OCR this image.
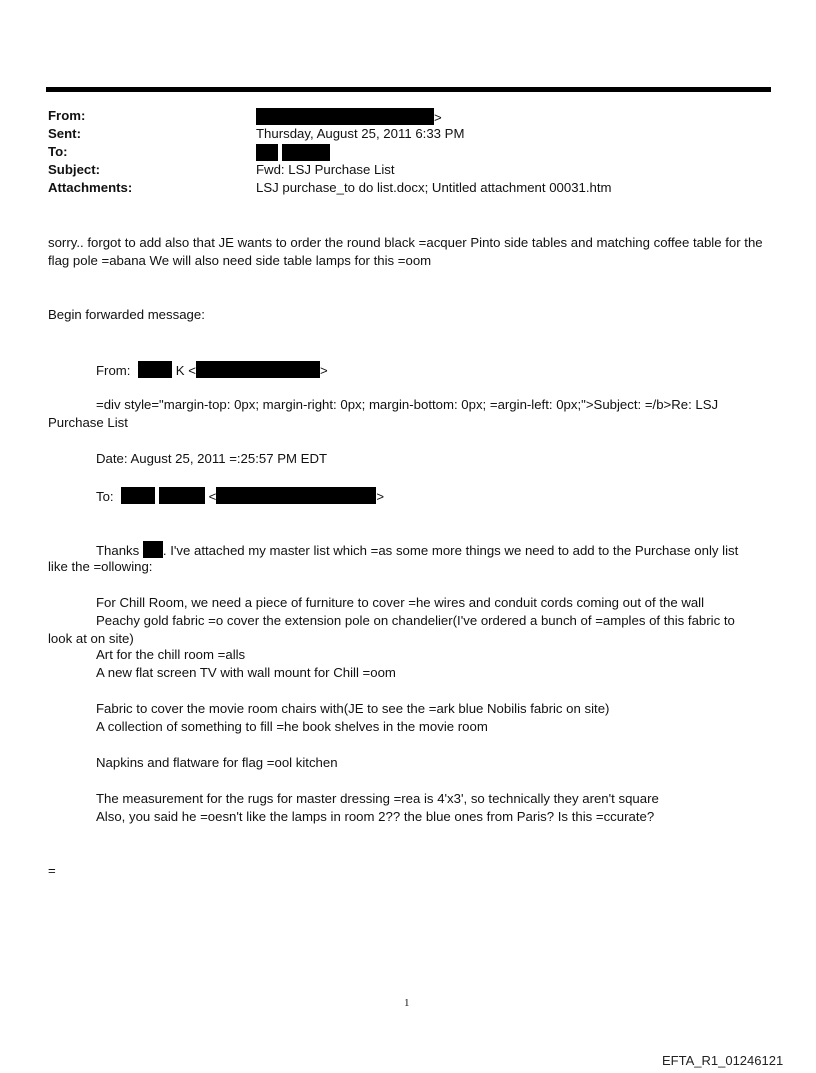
From:	>
Sent:	Thursday, August 25, 2011 6:33 PM
To:
Subject:	Fwd: LSJ Purchase List
Attachments:	LSJ purchase_to do list.docx; Untitled attachment 00031.htm
sorry.. forgot to add also that JE wants to order the round black =acquer Pinto side tables and matching coffee table for the flag pole =abana We will also need side table lamps for this =oom
Begin forwarded message:
From:	K <	>
=div style="margin-top: 0px; margin-right: 0px; margin-bottom: 0px; =argin-left: 0px;">Subject: =/b>Re: LSJ
Purchase List
Date: August 25, 2011 =:25:57 PM EDT
To:	<	>
Thanks . I've attached my master list which =as some more things we need to add to the Purchase only list
like the =ollowing:
For Chill Room, we need a piece of furniture to cover =he wires and conduit cords coming out of the wall
Peachy gold fabric =o cover the extension pole on chandelier(I've ordered a bunch of =amples of this fabric to
look at on site)
Art for the chill room =alls
A new flat screen TV with wall mount for Chill =oom
Fabric to cover the movie room chairs with(JE to see the =ark blue Nobilis fabric on site)
A collection of something to fill =he book shelves in the movie room
Napkins and flatware for flag =ool kitchen
The measurement for the rugs for master dressing =rea is 4'x3', so technically they aren't square
Also, you said he =oesn't like the lamps in room 2?? the blue ones from Paris? Is this =ccurate?
=
1
EFTA_R1_01246121
